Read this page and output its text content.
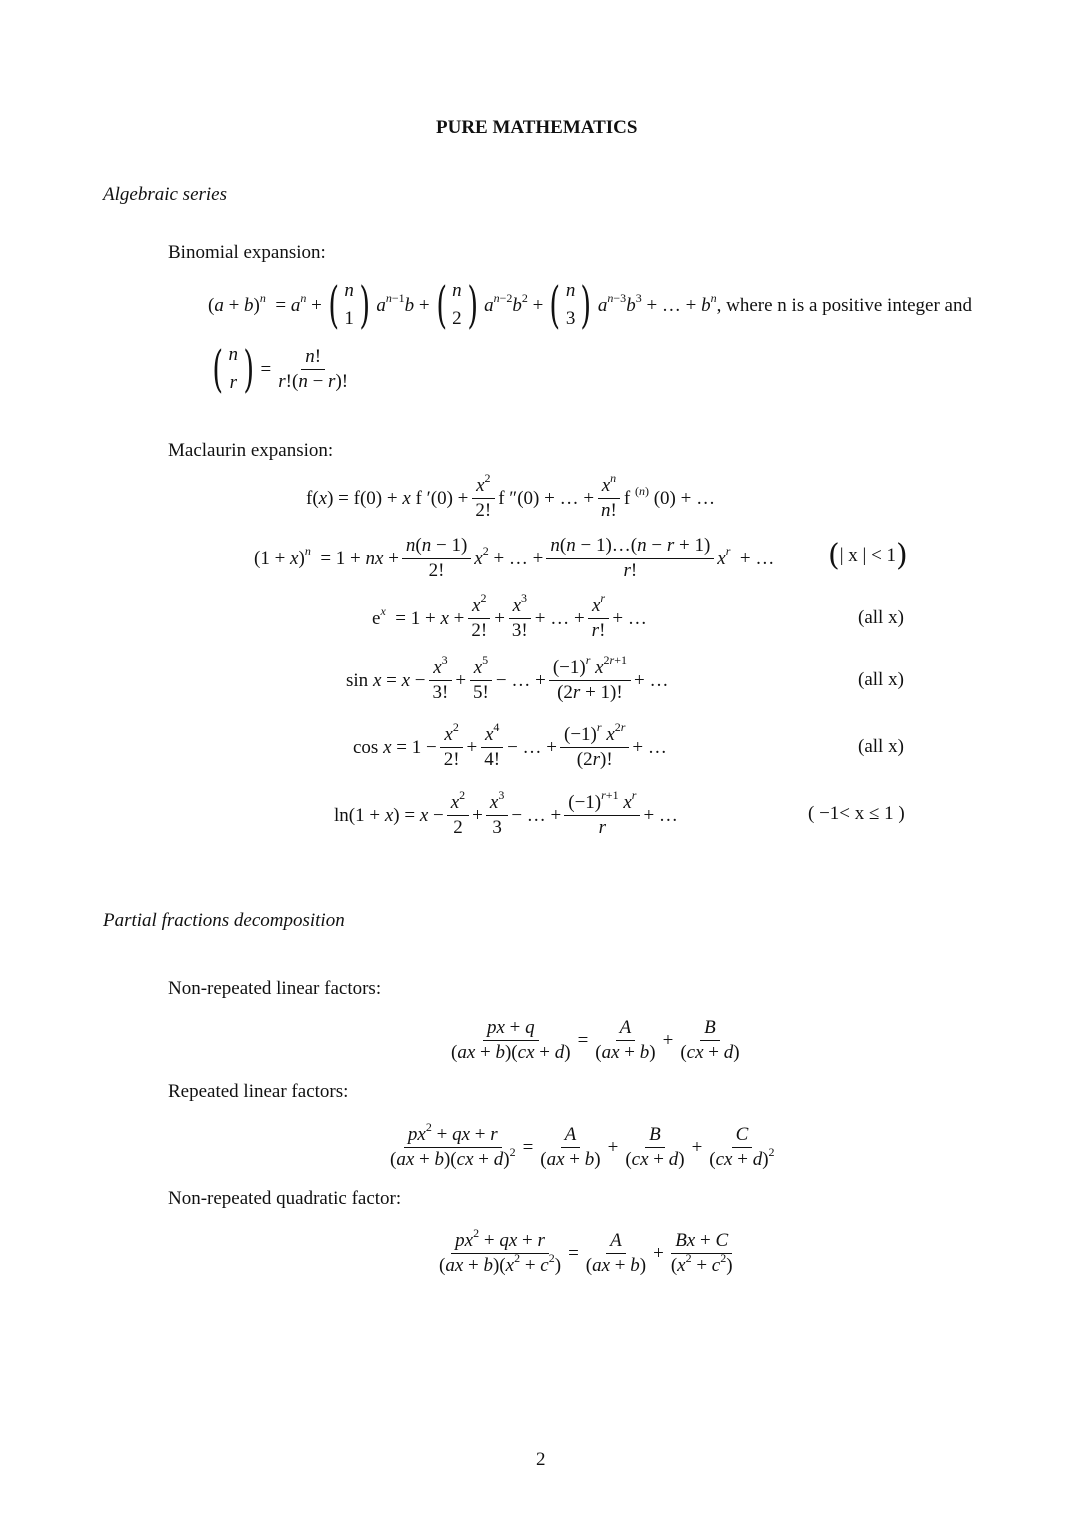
PURE MATHEMATICS
Algebraic series
Binomial expansion:
$(a + b)^n = a^n$ + ( n
1 ) $a^{n-1}b$ + ( n
2 ) $a^{n-2}b^2$ + ( n
3 ) $a^{n-3}b^3$ + … + $b^n$ , where n is a positive integer and
( n
r ) = $\frac{n!}{r!(n - r)!}$
Maclaurin expansion:
f(x) = f(0) + x f $'(0) + \frac{x^2}{2!}$ f ″(0) + … + $\frac{x^n}{n!}$ f $^{(n)}$ (0) + …
$(1 + x)^n = 1$ + nx + $\frac{n(n - 1)}{2!} x^2$ + … + $\frac{n(n - 1)\dots(n - r + 1)}{r!} x^r$  + … ( | x | < 1 )
$e^x = 1 + x + \frac{x^2}{2!} + \frac{x^3}{3!}$ + … + $\frac{x^r}{r!}$ + …	(all x)
$\sin x = x - \frac{x^3}{3!} + \frac{x^5}{5!}$ − … + $\frac{(-1)^r x^{2r+1}}{(2r + 1)!}$ + …	(all x)
$\cos x = 1 - \frac{x^2}{2!} + \frac{x^4}{4!}$ − … + $\frac{(-1)^r x^{2r}}{(2r)!}$ + …	(all x)
$\ln(1 + x) = x - \frac{x^2}{2} + \frac{x^3}{3}$ − … + $\frac{(-1)^{r+1} x^r}{r}$ + …	( −1< x ≤ 1 )
Partial fractions decomposition
Non-repeated linear factors:
$\frac{px + q}{(ax + b)(cx + d)} = \frac{A}{(ax + b)} + \frac{B}{(cx + d)}$
Repeated linear factors:
$\frac{px^2 + qx + r}{(ax + b)(cx + d)^2} = \frac{A}{(ax + b)} + \frac{B}{(cx + d)} + \frac{C}{(cx + d)^2}$
Non-repeated quadratic factor:
$\frac{px^2 + qx + r}{(ax + b)(x^2 + c^2)} = \frac{A}{(ax + b)} + \frac{Bx + C}{(x^2 + c^2)}$
2
